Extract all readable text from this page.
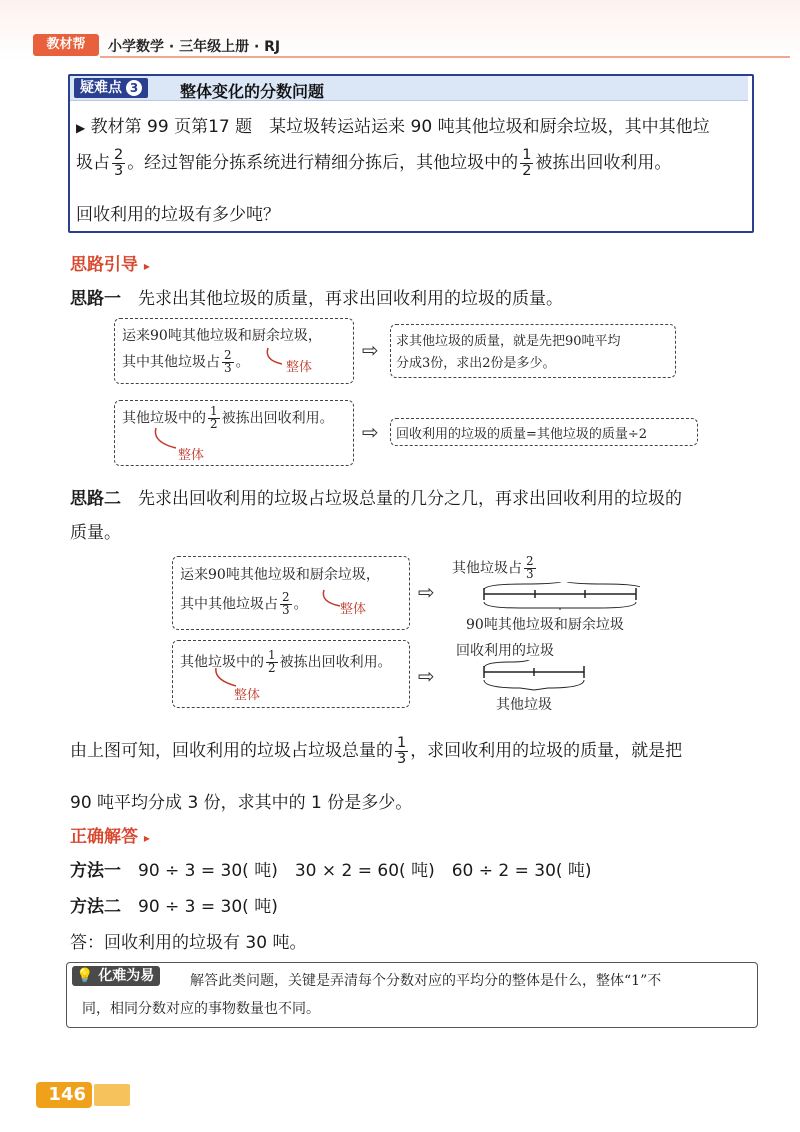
教材帮	小学数学 · 三年级上册 · RJ
疑难点 3	整体变化的分数问题
▶ 教材第 99 页第17 题　 某垃圾转运站运来 90 吨其他垃圾和厨余垃圾，其中其他垃
圾占 $\frac{2}{3}$ 。经过智能分拣系统进行精细分拣后，其他垃圾中的 $\frac{1}{2}$ 被拣出回收利用。
回收利用的垃圾有多少吨？
思路引导 ▸
思路一　 先求出其他垃圾的质量，再求出回收利用的垃圾的质量。
运来90吨其他垃圾和厨余垃圾，
其中其他垃圾占 $\frac{2}{3}$ 。	整体
⇨ 求其他垃圾的质量，就是先把90吨平均
分成3份，求出2份是多少。
其他垃圾中的 $\frac{1}{2}$ 被拣出回收利用。
整体
⇨ 回收利用的垃圾的质量=其他垃圾的质量÷2
思路二　 先求出回收利用的垃圾占垃圾总量的几分之几，再求出回收利用的垃圾的
质量。
运来90吨其他垃圾和厨余垃圾，
其中其他垃圾占 $\frac{2}{3}$ 。 整体
⇨
其他垃圾占 $\frac{2}{3}$
90吨其他垃圾和厨余垃圾
其他垃圾中的 $\frac{1}{2}$ 被拣出回收利用。
整体
⇨
回收利用的垃圾
其他垃圾
由上图可知，回收利用的垃圾占垃圾总量的 $\frac{1}{3}$ ，求回收利用的垃圾的质量，就是把
90 吨平均分成 3 份，求其中的 1 份是多少。
正确解答 ▸
方法一　 90 ÷ 3 = 30( 吨)　30 × 2 = 60( 吨)　60 ÷ 2 = 30( 吨)
方法二　 90 ÷ 3 = 30( 吨)
答：回收利用的垃圾有 30 吨。
💡 化难为易	解答此类问题，关键是弄清每个分数对应的平均分的整体是什么，整体“1”不
同，相同分数对应的事物数量也不同。
146
